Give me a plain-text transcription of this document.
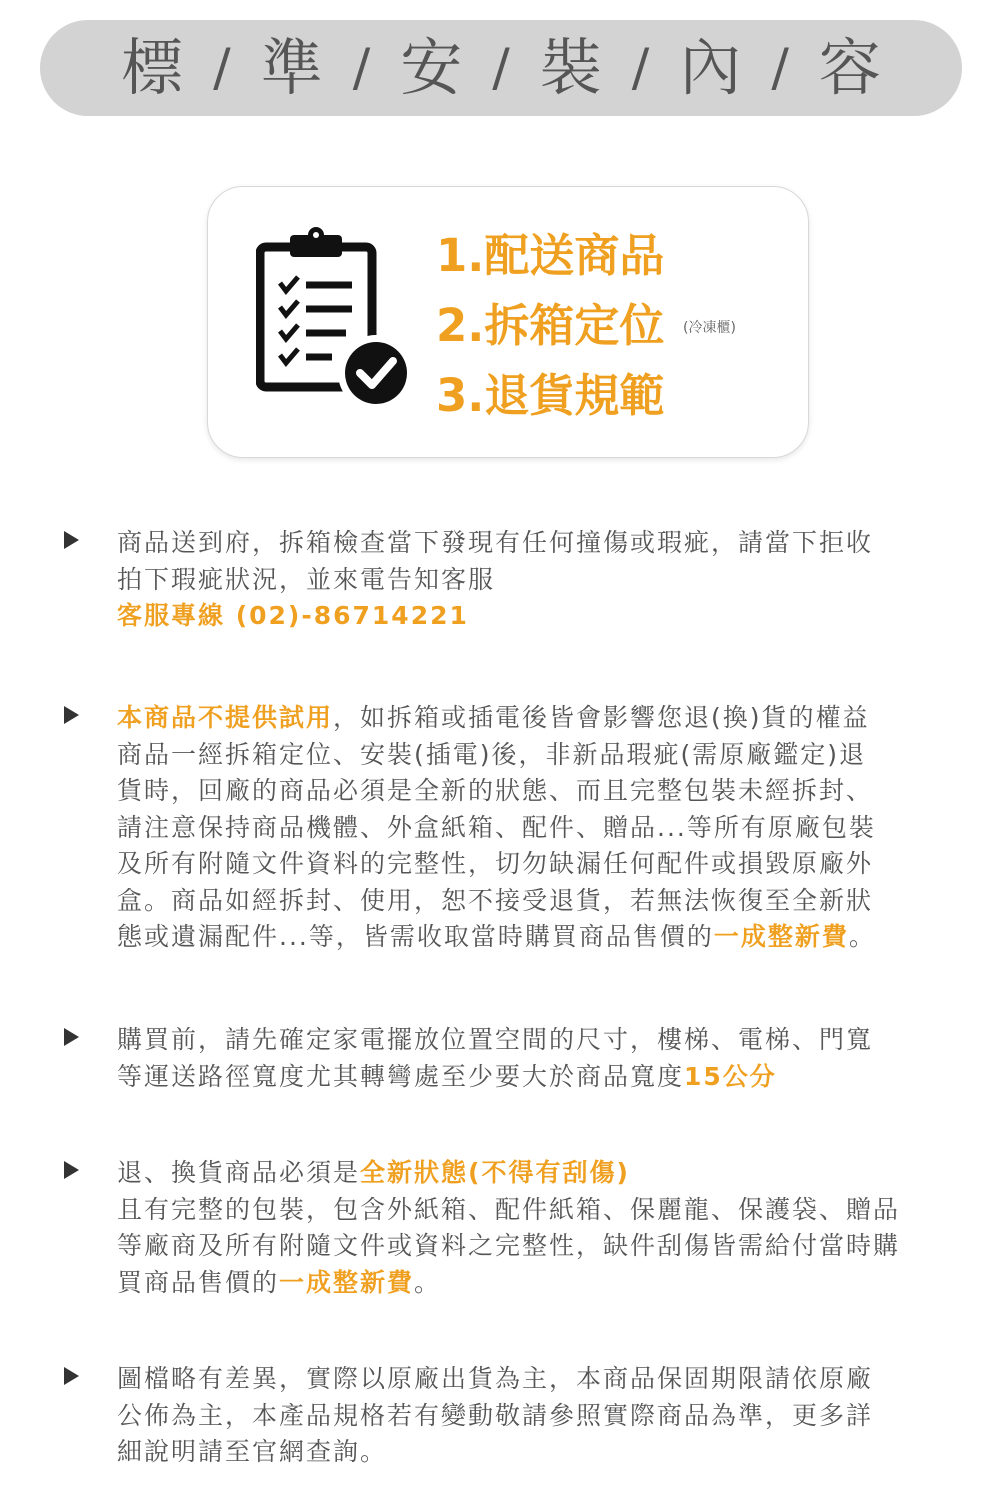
標 / 準 / 安 / 裝 / 內 / 容
1.配送商品
2.拆箱定位
3.退貨規範
(冷凍櫃)

商品送到府，拆箱檢查當下發現有任何撞傷或瑕疵，請當下拒收
拍下瑕疵狀況，並來電告知客服
客服專線 (02)-86714221

本商品不提供試用，如拆箱或插電後皆會影響您退(換)貨的權益
商品一經拆箱定位、安裝(插電)後，非新品瑕疵(需原廠鑑定)退
貨時，回廠的商品必須是全新的狀態、而且完整包裝未經拆封、
請注意保持商品機體、外盒紙箱、配件、贈品...等所有原廠包裝
及所有附隨文件資料的完整性，切勿缺漏任何配件或損毀原廠外
盒。商品如經拆封、使用，恕不接受退貨，若無法恢復至全新狀
態或遺漏配件...等，皆需收取當時購買商品售價的一成整新費。

購買前，請先確定家電擺放位置空間的尺寸，樓梯、電梯、門寬
等運送路徑寬度尤其轉彎處至少要大於商品寬度15公分

退、換貨商品必須是全新狀態(不得有刮傷)
且有完整的包裝，包含外紙箱、配件紙箱、保麗龍、保護袋、贈品
等廠商及所有附隨文件或資料之完整性，缺件刮傷皆需給付當時購
買商品售價的一成整新費。

圖檔略有差異，實際以原廠出貨為主，本商品保固期限請依原廠
公佈為主，本產品規格若有變動敬請參照實際商品為準，更多詳
細說明請至官網查詢。
